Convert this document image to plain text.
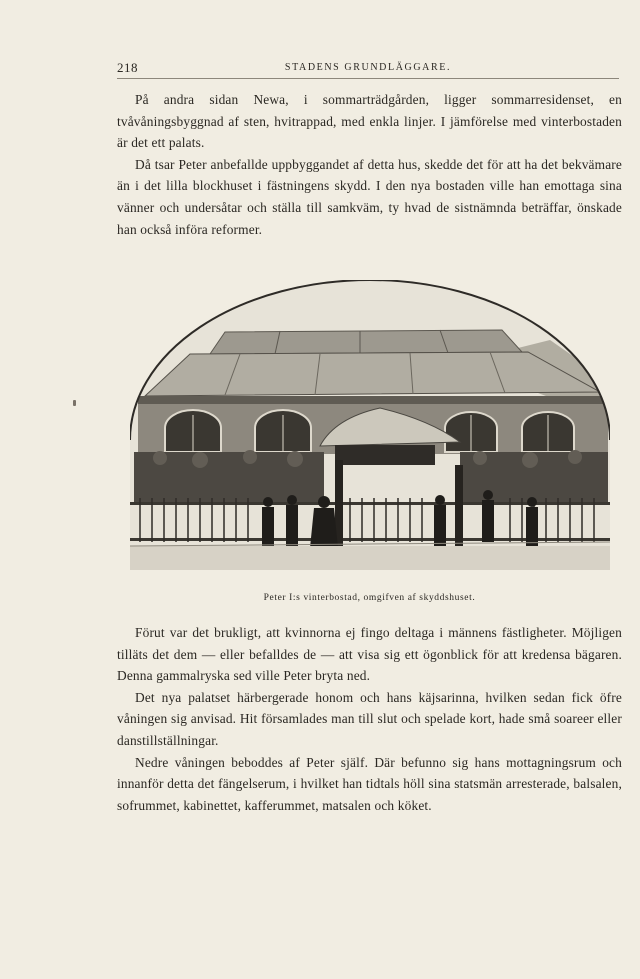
218	STADENS GRUNDLÄGGARE.

På andra sidan Newa, i sommarträdgården, ligger sommarresidenset, en tvåvåningsbyggnad af sten, hvitrappad, med enkla linjer. I jämförelse med vinterbostaden är det ett palats.

Då tsar Peter anbefallde uppbyggandet af detta hus, skedde det för att ha det bekvämare än i det lilla blockhuset i fästningens skydd. I den nya bostaden ville han emottaga sina vänner och undersåtar och ställa till samkväm, ty hvad de sistnämnda beträffar, önskade han också införa reformer.

Peter I:s vinterbostad, omgifven af skyddshuset.

Förut var det brukligt, att kvinnorna ej fingo deltaga i männens fästligheter. Möjligen tilläts det dem — eller befalldes de — att visa sig ett ögonblick för att kredensa bägaren. Denna gammalryska sed ville Peter bryta ned.

Det nya palatset härbergerade honom och hans käjsarinna, hvilken sedan fick öfre våningen sig anvisad. Hit församlades man till slut och spelade kort, hade små soareer eller danstillställningar.

Nedre våningen beboddes af Peter själf. Där befunno sig hans mottagningsrum och innanför detta det fängelserum, i hvilket han tidtals höll sina statsmän arresterade, balsalen, sofrummet, kabinettet, kafferummet, matsalen och köket.
